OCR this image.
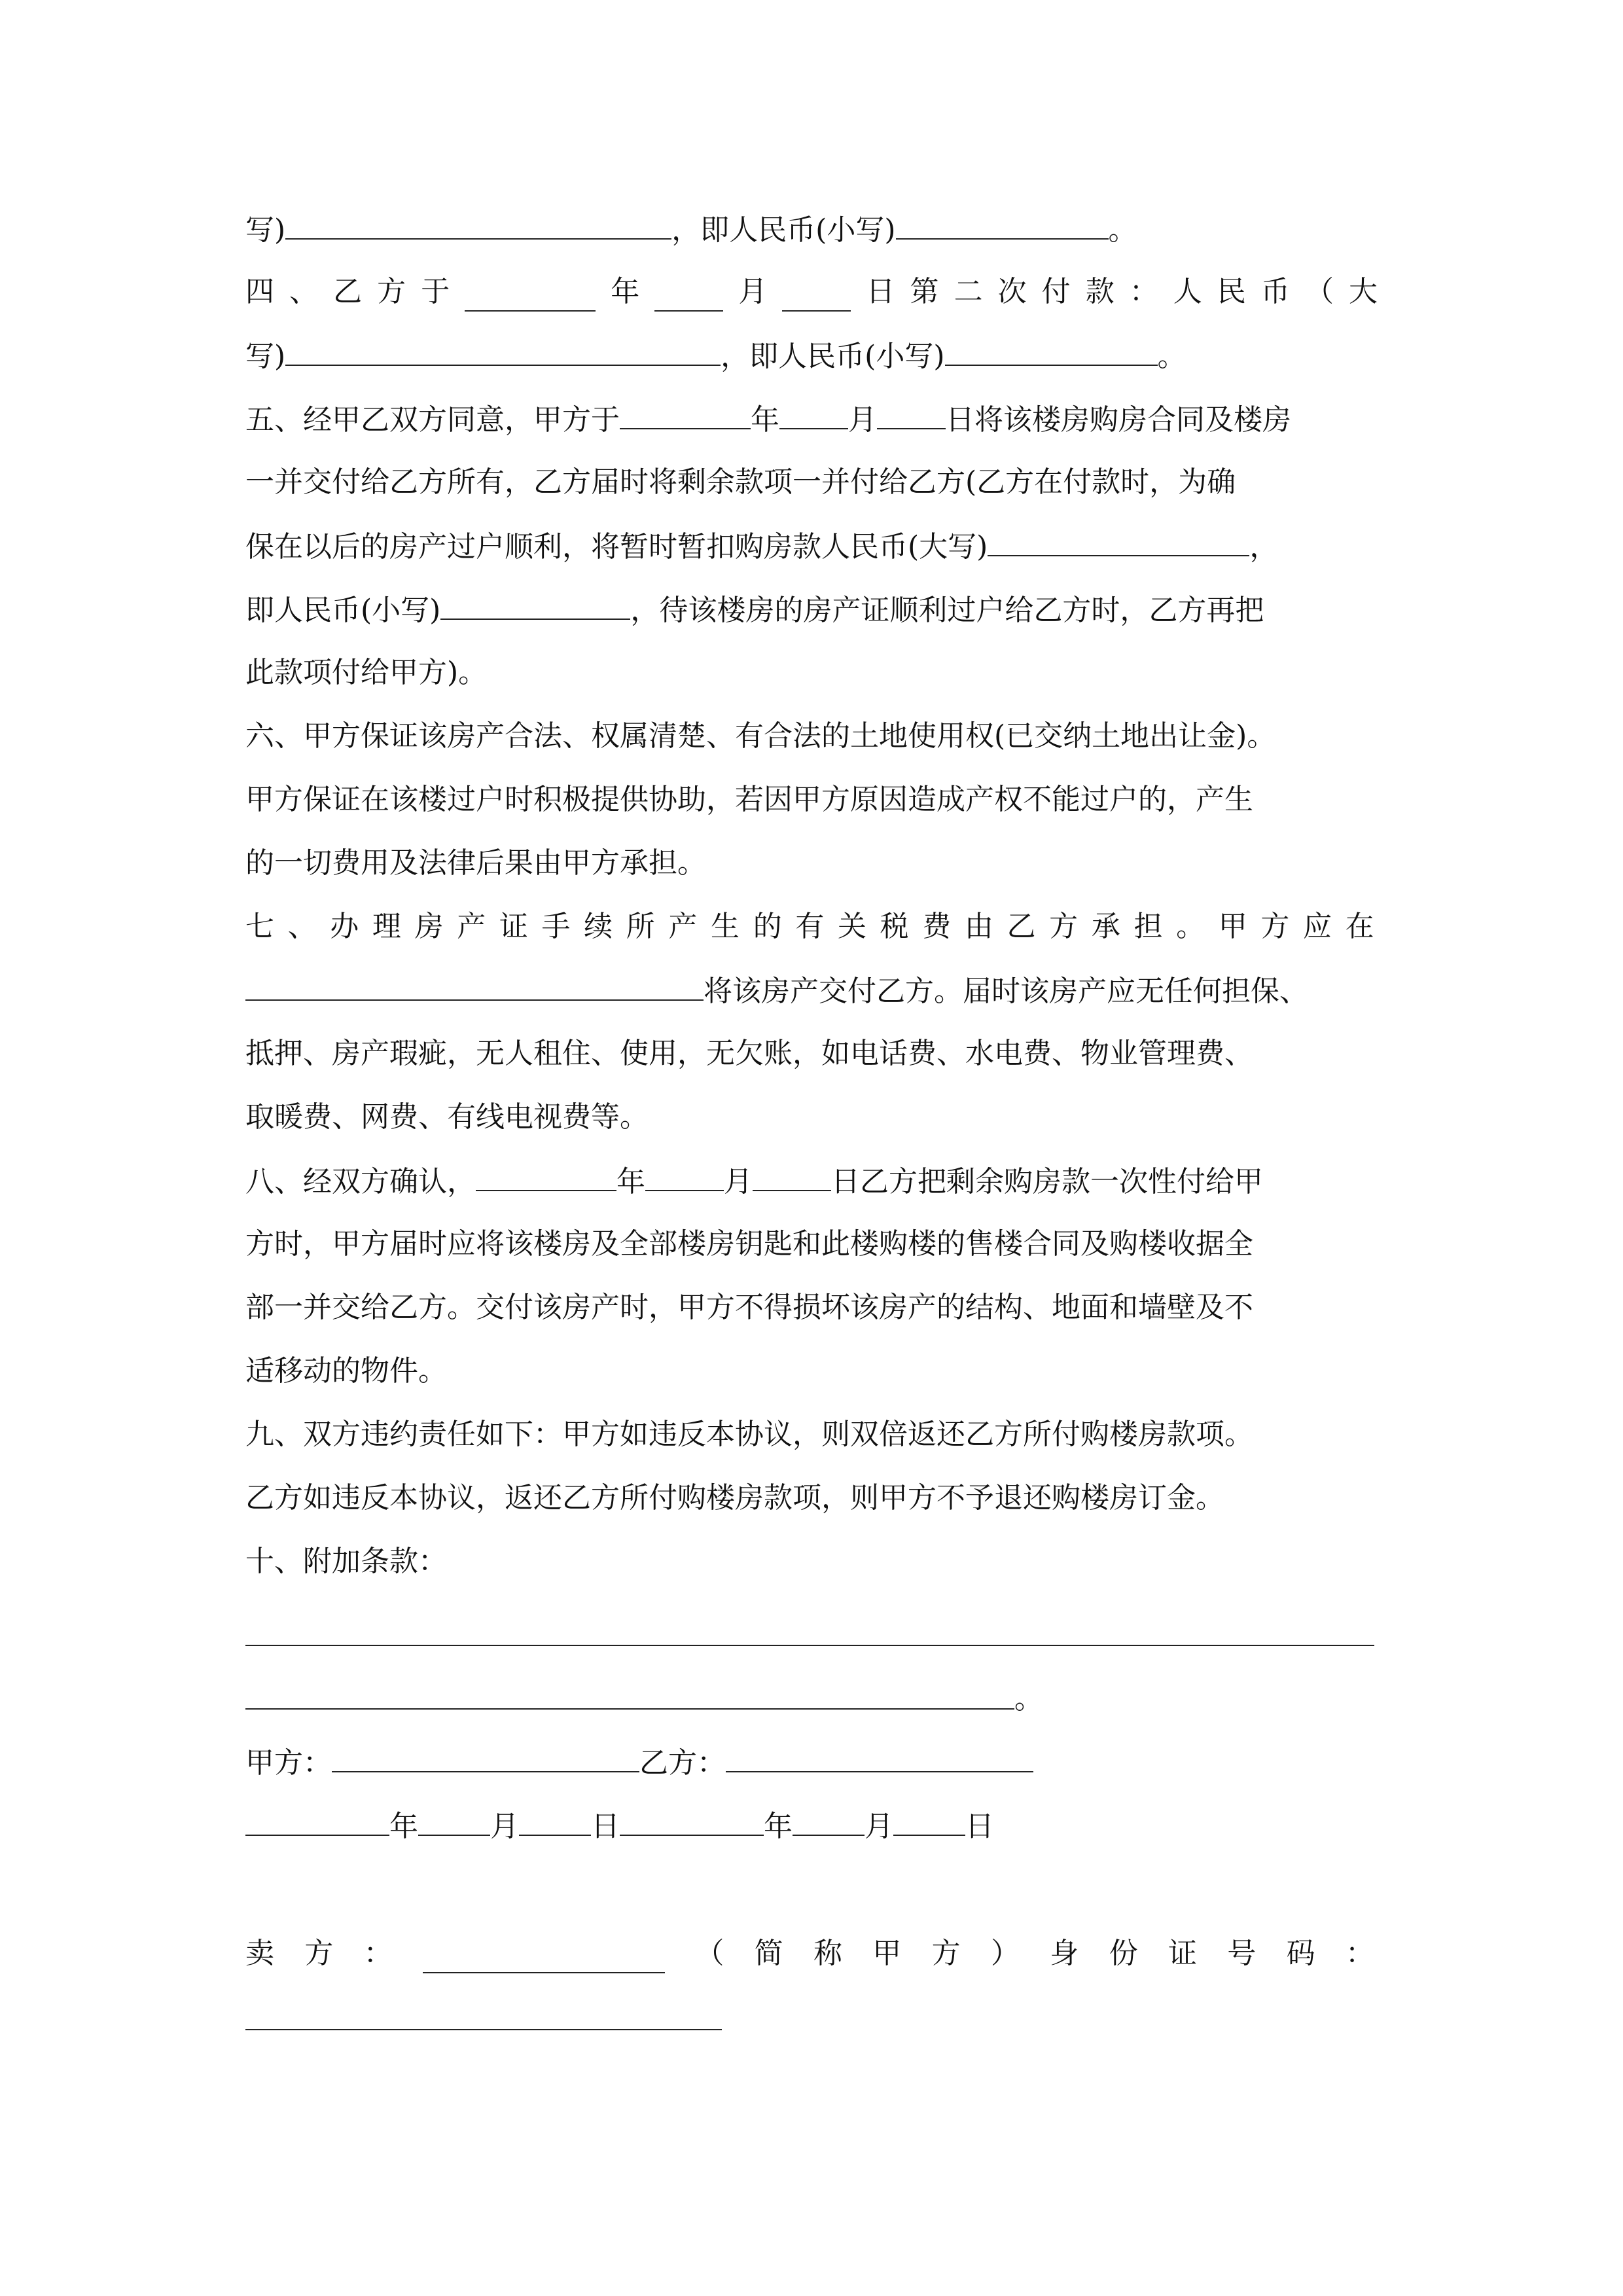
写)	，即人民币(小写)	。
四 、 乙 方 于	年	月	日 第 二 次 付 款 ： 人 民 币 （ 大
写)	，即人民币(小写)	。
五、经甲乙双方同意，甲方于	年 月 日将该楼房购房合同及楼房
一并交付给乙方所有，乙方届时将剩余款项一并付给乙方(乙方在付款时，为确
保在以后的房产过户顺利，将暂时暂扣购房款人民币(大写)	，
即人民币(小写)	，待该楼房的房产证顺利过户给乙方时，乙方再把
此款项付给甲方)。
六、甲方保证该房产合法、权属清楚、有合法的土地使用权(已交纳土地出让金)。
甲方保证在该楼过户时积极提供协助，若因甲方原因造成产权不能过户的，产生
的一切费用及法律后果由甲方承担。
七 、 办 理 房 产 证 手 续 所 产 生 的 有 关 税 费 由 乙 方 承 担 。 甲 方 应 在
将该房产交付乙方。届时该房产应无任何担保、
抵押、房产瑕疵，无人租住、使用，无欠账，如电话费、水电费、物业管理费、
取暖费、网费、有线电视费等。
八、经双方确认，	年	月	日乙方把剩余购房款一次性付给甲
方时，甲方届时应将该楼房及全部楼房钥匙和此楼购楼的售楼合同及购楼收据全
部一并交给乙方。交付该房产时，甲方不得损坏该房产的结构、地面和墙壁及不
适移动的物件。
九、双方违约责任如下：甲方如违反本协议，则双倍返还乙方所付购楼房款项。
乙方如违反本协议，返还乙方所付购楼房款项，则甲方不予退还购楼房订金。
十、附加条款：
。
甲方：	乙方：
年	月	日	年	月	日
卖 方 ：	（ 简 称 甲 方 ） 身 份 证 号 码 ：
